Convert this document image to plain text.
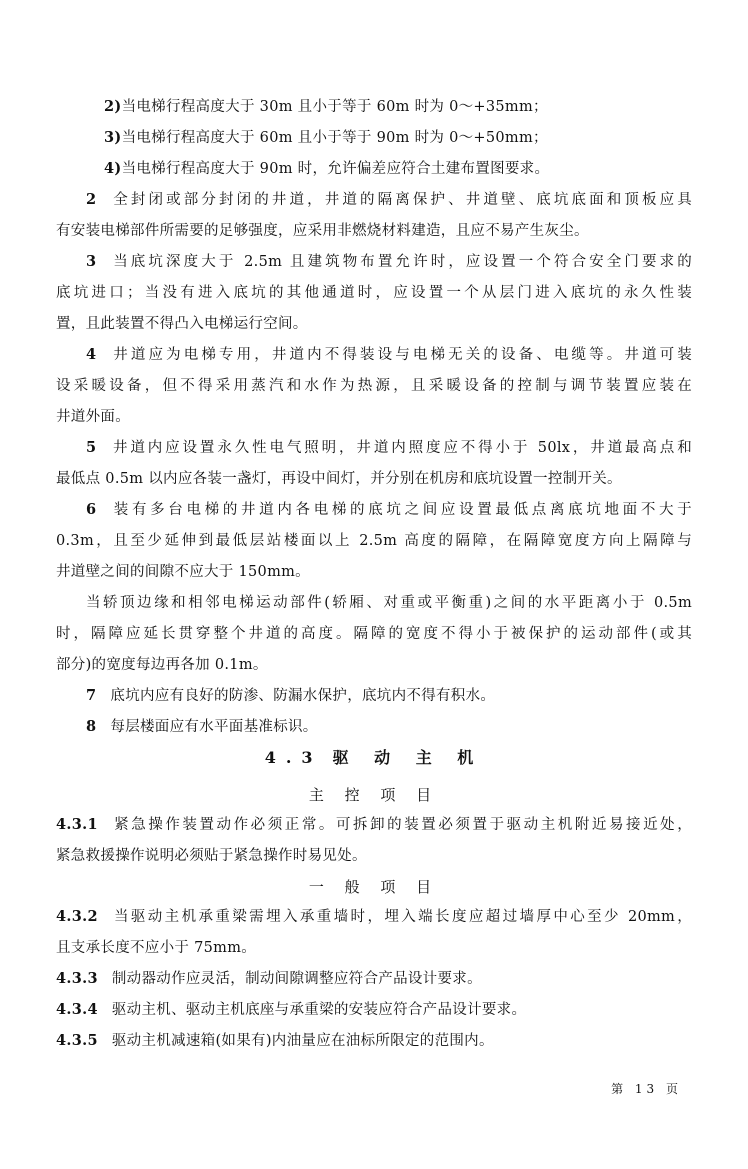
2)当电梯行程高度大于 30m 且小于等于 60m 时为 0～+35mm；
3)当电梯行程高度大于 60m 且小于等于 90m 时为 0～+50mm；
4)当电梯行程高度大于 90m 时，允许偏差应符合土建布置图要求。
2 全封闭或部分封闭的井道，井道的隔离保护、井道壁、底坑底面和顶板应具
有安装电梯部件所需要的足够强度，应采用非燃烧材料建造，且应不易产生灰尘。
3 当底坑深度大于 2.5m 且建筑物布置允许时，应设置一个符合安全门要求的
底坑进口；当没有进入底坑的其他通道时，应设置一个从层门进入底坑的永久性装
置，且此装置不得凸入电梯运行空间。
4 井道应为电梯专用，井道内不得装设与电梯无关的设备、电缆等。井道可装
设采暖设备，但不得采用蒸汽和水作为热源，且采暖设备的控制与调节装置应装在
井道外面。
5 井道内应设置永久性电气照明，井道内照度应不得小于 50lx，井道最高点和
最低点 0.5m 以内应各装一盏灯，再设中间灯，并分别在机房和底坑设置一控制开关。
6 装有多台电梯的井道内各电梯的底坑之间应设置最低点离底坑地面不大于
0.3m，且至少延伸到最低层站楼面以上 2.5m 高度的隔障，在隔障宽度方向上隔障与
井道壁之间的间隙不应大于 150mm。
当轿顶边缘和相邻电梯运动部件(轿厢、对重或平衡重)之间的水平距离小于 0.5m
时，隔障应延长贯穿整个井道的高度。隔障的宽度不得小于被保护的运动部件(或其
部分)的宽度每边再各加 0.1m。
7 底坑内应有良好的防渗、防漏水保护，底坑内不得有积水。
8 每层楼面应有水平面基准标识。
4.3 驱 动 主 机
主 控 项 目
4.3.1 紧急操作装置动作必须正常。可拆卸的装置必须置于驱动主机附近易接近处，
紧急救援操作说明必须贴于紧急操作时易见处。
一 般 项 目
4.3.2 当驱动主机承重梁需埋入承重墙时，埋入端长度应超过墙厚中心至少 20mm，
且支承长度不应小于 75mm。
4.3.3 制动器动作应灵活，制动间隙调整应符合产品设计要求。
4.3.4 驱动主机、驱动主机底座与承重梁的安装应符合产品设计要求。
4.3.5 驱动主机减速箱(如果有)内油量应在油标所限定的范围内。
第 13 页
